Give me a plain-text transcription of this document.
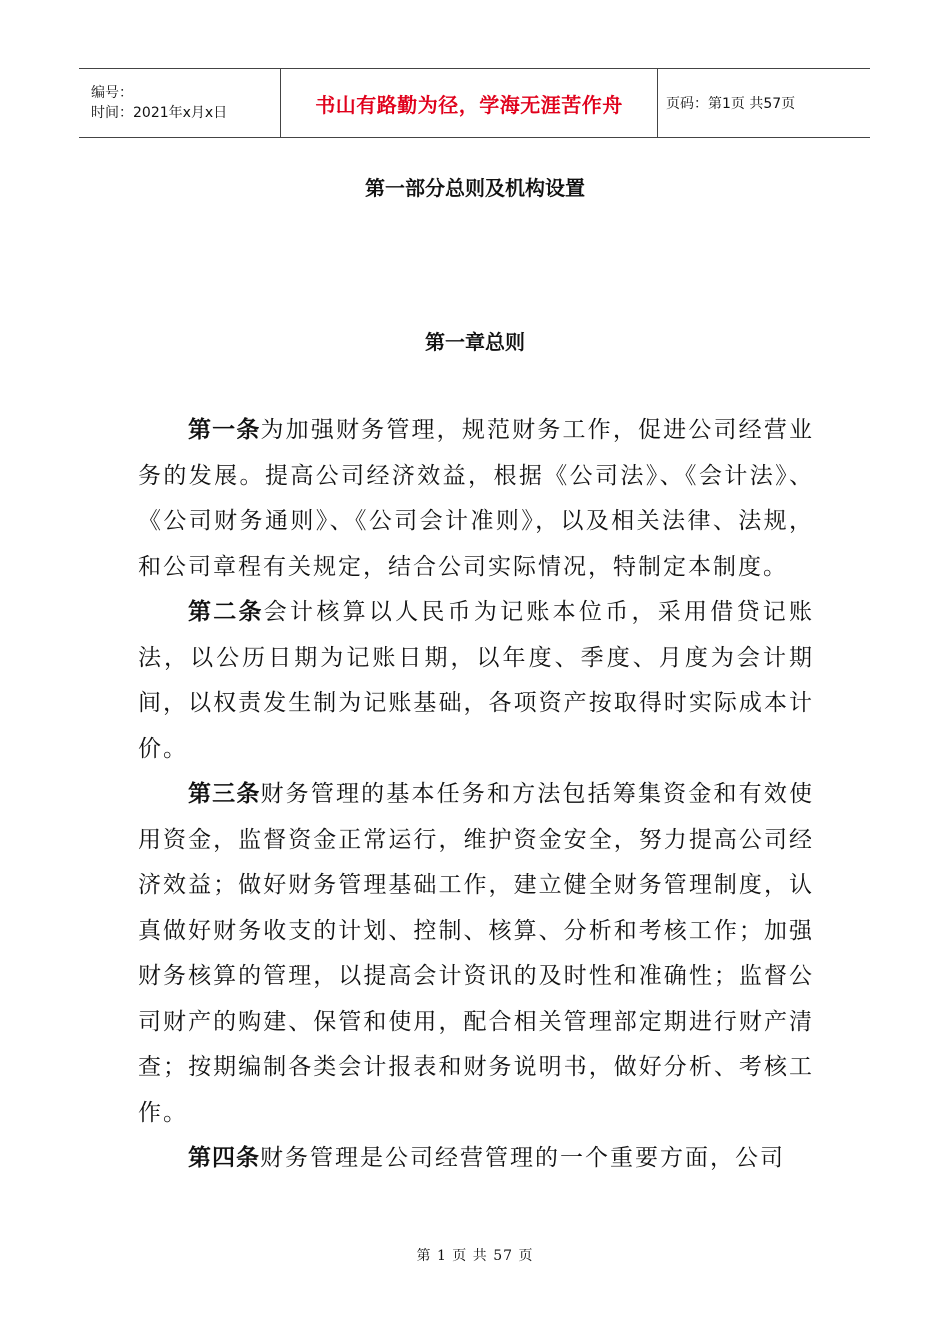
编号：
时间：2021年x月x日	书山有路勤为径，学海无涯苦作舟	页码：第1页 共57页
第一部分总则及机构设置
第一章总则

第一条为加强财务管理，规范财务工作，促进公司经营业务的发展。提高公司经济效益，根据《公司法》、《会计法》、《公司财务通则》、《公司会计准则》，以及相关法律、法规，和公司章程有关规定，结合公司实际情况，特制定本制度。

第二条会计核算以人民币为记账本位币，采用借贷记账法，以公历日期为记账日期，以年度、季度、月度为会计期间，以权责发生制为记账基础，各项资产按取得时实际成本计价。

第三条财务管理的基本任务和方法包括筹集资金和有效使用资金，监督资金正常运行，维护资金安全，努力提高公司经济效益；做好财务管理基础工作，建立健全财务管理制度，认真做好财务收支的计划、控制、核算、分析和考核工作；加强财务核算的管理，以提高会计资讯的及时性和准确性；监督公司财产的购建、保管和使用，配合相关管理部定期进行财产清查；按期编制各类会计报表和财务说明书，做好分析、考核工作。

第四条财务管理是公司经营管理的一个重要方面，公司

第 1 页 共 57 页
